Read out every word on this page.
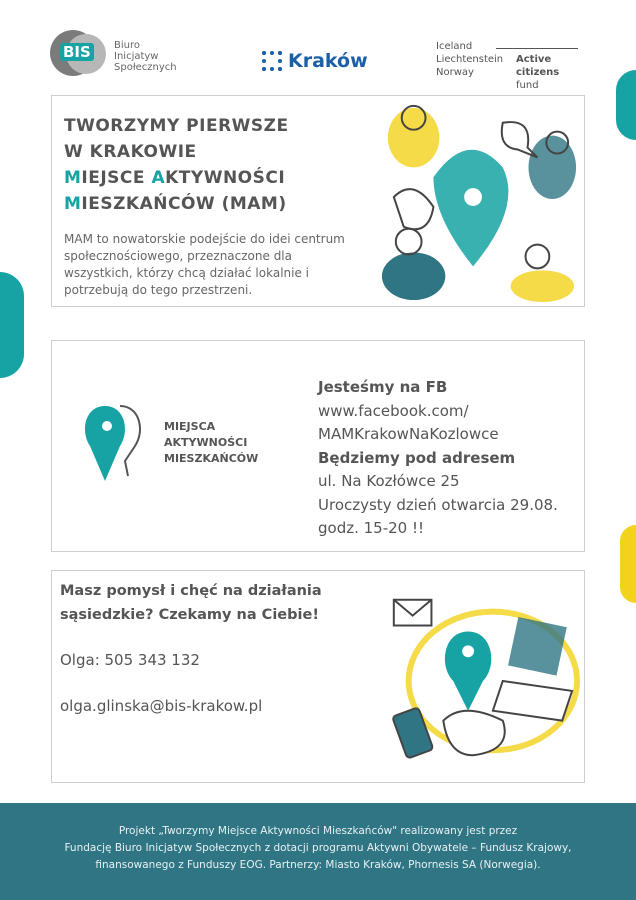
BIS	Biuro
Inicjatyw
Społecznych	Kraków
Iceland
Liechtenstein
Norway
Active
citizens fund
TWORZYMY PIERWSZE
W KRAKOWIE
MIEJSCE AKTYWNOŚCI
MIESZKAŃCÓW (MAM)
MAM to nowatorskie podejście do idei centrum społecznościowego, przeznaczone dla wszystkich, którzy chcą działać lokalnie i potrzebują do tego przestrzeni.
MIEJSCA
AKTYWNOŚCI
MIESZKAŃCÓW
Jesteśmy na FB
www.facebook.com/
MAMKrakowNaKozlowce
Będziemy pod adresem
ul. Na Kozłówce 25
Uroczysty dzień otwarcia 29.08.
godz. 15-20 !!
Masz pomysł i chęć na działania
sąsiedzkie? Czekamy na Ciebie!
Olga: 505 343 132
olga.glinska@bis-krakow.pl
Projekt „Tworzymy Miejsce Aktywności Mieszkańców" realizowany jest przez
Fundację Biuro Inicjatyw Społecznych z dotacji programu Aktywni Obywatele – Fundusz Krajowy,
finansowanego z Funduszy EOG. Partnerzy: Miasto Kraków, Phornesis SA (Norwegia).
